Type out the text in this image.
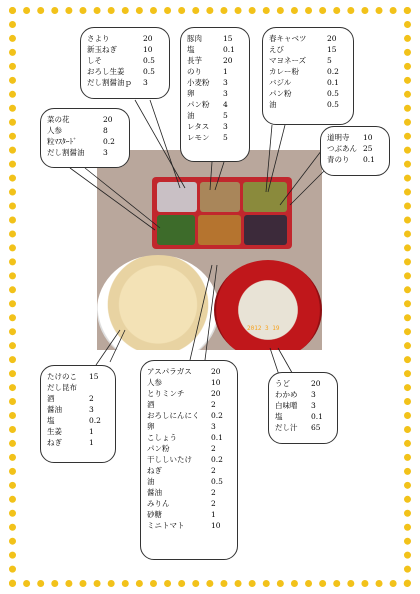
2012 3 19
さより	20
新玉ねぎ	10
しそ	0.5
おろし生姜 0.5
だし割醤油ｐ 3
豚肉	15
塩	0.1
長芋	20
のり	1
小麦粉 3
卵	3
パン粉 4
油	5
レタス 3
レモン 5
春キャベツ	20
えび	15
マヨネーズ	5
カレー粉	0.2
バジル	0.1
パン粉	0.5
油	0.5
菜の花	20
人参	8
粒ﾏｽﾀｰﾄﾞ	0.2
だし割醤油 3
道明寺 10
つぶあん 25
青のり 0.1
たけのこ 15
だし昆布
酒	2
醤油	3
塩	0.2
生姜	1
ねぎ	1
アスパラガス	20
人参	10
とりミンチ	20
酒	2
おろしにんにく 0.2
卵	3
こしょう	0.1
パン粉	2
干ししいたけ	0.2
ねぎ	2
油	0.5
醤油	2
みりん	2
砂糖	1
ミニトマト	10
うど	20
わかめ 3
白味噌 3
塩	0.1
だし汁 65
